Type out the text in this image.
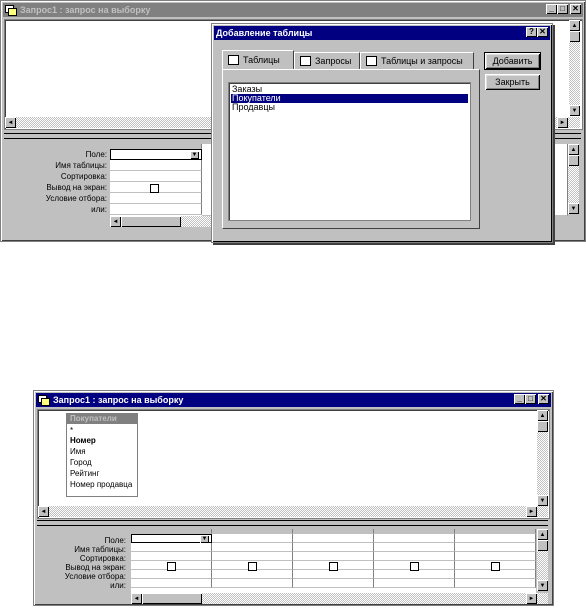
Запрос1 : запрос на выборку	_ □ ✕
▲
▼
◄	►
Поле:
Имя таблицы:
Сортировка:
Вывод на экран:
Условие отбора:
или:
▼
▲
▼
◄
Добавление таблицы	? ✕
Таблицы	Запросы	Таблицы и запросы
Заказы
Покупатели
Продавцы
Добавить
Закрыть
Запрос1 : запрос на выборку	_ □ ✕
Покупатели
*
Номер
Имя
Город
Рейтинг
Номер продавца
▲
▼
◄	►
Поле:
Имя таблицы:
Сортировка:
Вывод на экран:
Условие отбора:
или:
▼
▲
▼
◄	►
